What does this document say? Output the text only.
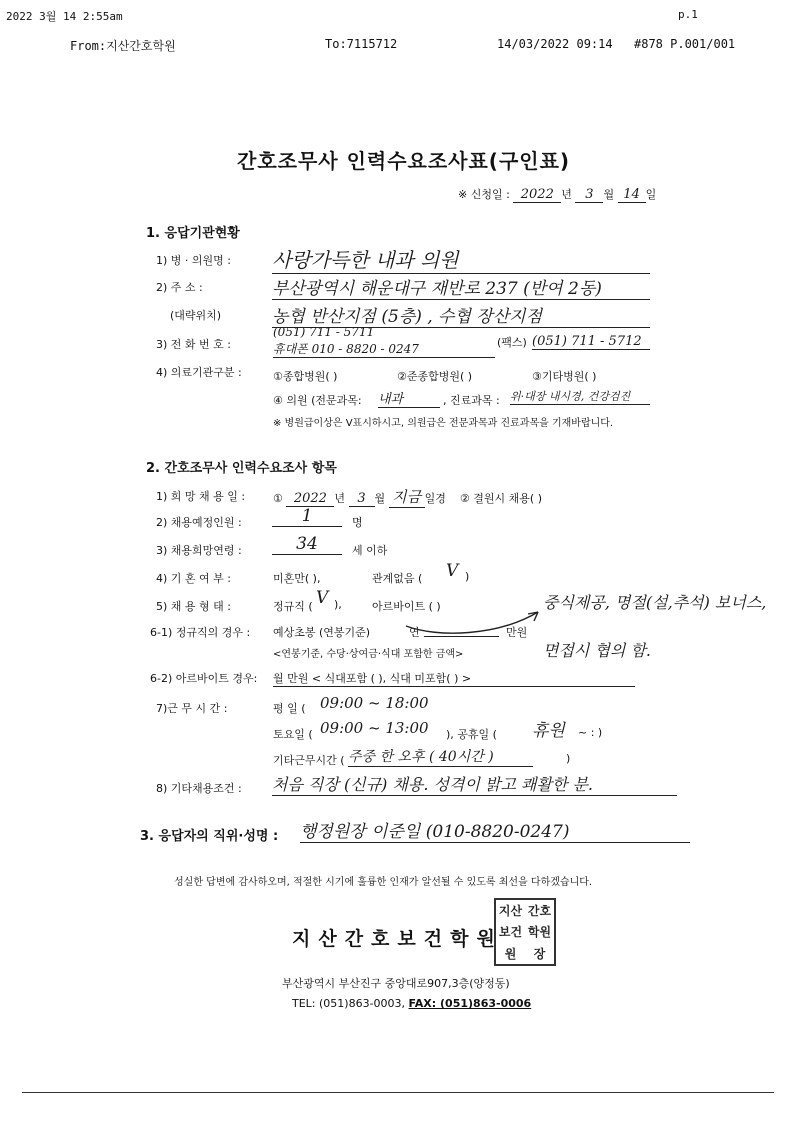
2022 3월 14 2:55am	p.1
From:지산간호학원	To:7115712	14/03/2022 09:14 #878 P.001/001
간호조무사 인력수요조사표(구인표)
※ 신청일 : 2022 년 3 월 14 일
1. 응답기관현황
1) 병 · 의원명 : 사랑가득한 내과 의원
2) 주 소 :	부산광역시 해운대구 재반로 237 (반여 2동)
(대략위치)	농협 반산지점 (5층) , 수협 장산지점
3) 전 화 번 호 :
(051) 711 - 5711
휴대폰 010 - 8820 - 0247	(팩스) (051) 711 - 5712
4) 의료기관구분 :	①종합병원( )	②준종합병원( )	③기타병원( )
④ 의원 (전문과목: 내과	, 진료과목 : 위·대장 내시경, 건강검진
※ 병원급이상은 V표시하시고, 의원급은 전문과목과 진료과목을 기재바랍니다.
2. 간호조무사 인력수요조사 항목
1) 희 망 채 용 일 :	① 2022 년 3 월 지금 일경 ② 결원시 채용( )
2) 채용예정인원 :	1	명
3) 채용희망연령 :	34	세 이하
4) 기 혼 여 부 :	미혼만( ),	관계없음 ( V )
5) 채 용 형 태 :	정규직 ( V ),	아르바이트 ( )
6-1) 정규직의 경우 : 예상초봉 (연봉기준)	연	만원
<연봉기준, 수당·상여금·식대 포함한 금액>
중식제공, 명절(설,추석) 보너스,
면접시 협의 함.
6-2) 아르바이트 경우: 월 만원 < 식대포함 ( ), 식대 미포함( ) >
7)근 무 시 간 :	평 일 ( 09:00 ~ 18:00
토요일 ( 09:00 ~ 13:00 ), 공휴일 ( 휴원 ~ : )
기타근무시간 ( 주중 한 오후 ( 40시간 )	)
8) 기타채용조건 : 처음 직장 (신규) 채용. 성격이 밝고 쾌활한 분.
3. 응답자의 직위·성명 : 행정원장 이준일 (010-8820-0247)
성실한 답변에 감사하오며, 적절한 시기에 훌륭한 인재가 알선될 수 있도록 최선을 다하겠습니다.
지산간호보건학원
지산 간호
보건 학원
원	장
부산광역시 부산진구 중앙대로907,3층(양정동)
TEL: (051)863-0003, FAX: (051)863-0006
